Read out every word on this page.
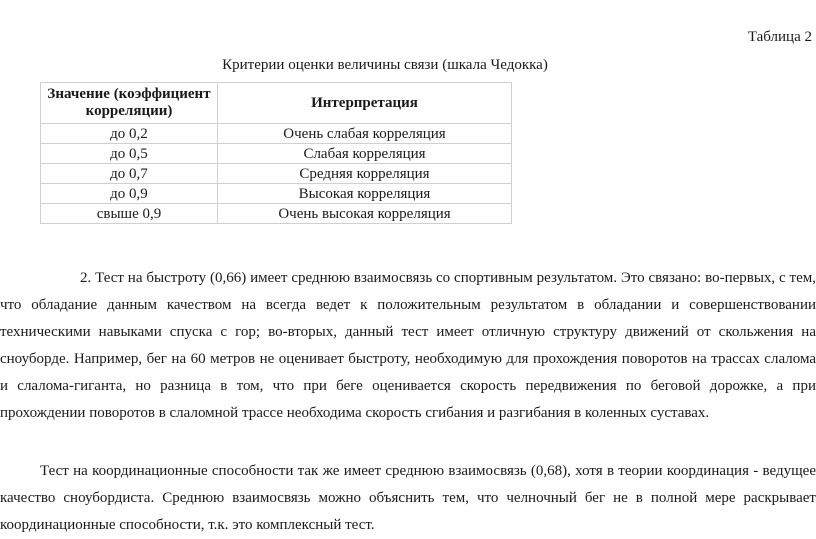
Таблица 2
Критерии оценки величины связи (шкала Чедокка)
Значение (коэффициент корреляции)	Интерпретация
до 0,2	Очень слабая корреляция
до 0,5	Слабая корреляция
до 0,7	Средняя корреляция
до 0,9	Высокая корреляция
свыше 0,9	Очень высокая корреляция

2. Тест на быстроту (0,66) имеет среднюю взаимосвязь со спортивным результатом. Это связано: во-первых, с тем, что обладание данным качеством на всегда ведет к положительным результатом в обладании и совершенствовании техническими навыками спуска с гор; во-вторых, данный тест имеет отличную структуру движений от скольжения на сноуборде. Например, бег на 60 метров не оценивает быстроту, необходимую для прохождения поворотов на трассах слалома и слалома-гиганта, но разница в том, что при беге оценивается скорость передвижения по беговой дорожке, а при прохождении поворотов в слаломной трассе необходима скорость сгибания и разгибания в коленных суставах.

Тест на координационные способности так же имеет среднюю взаимосвязь (0,68), хотя в теории координация - ведущее качество сноубордиста. Среднюю взаимосвязь можно объяснить тем, что челночный бег не в полной мере раскрывает координационные способности, т.к. это комплексный тест.
